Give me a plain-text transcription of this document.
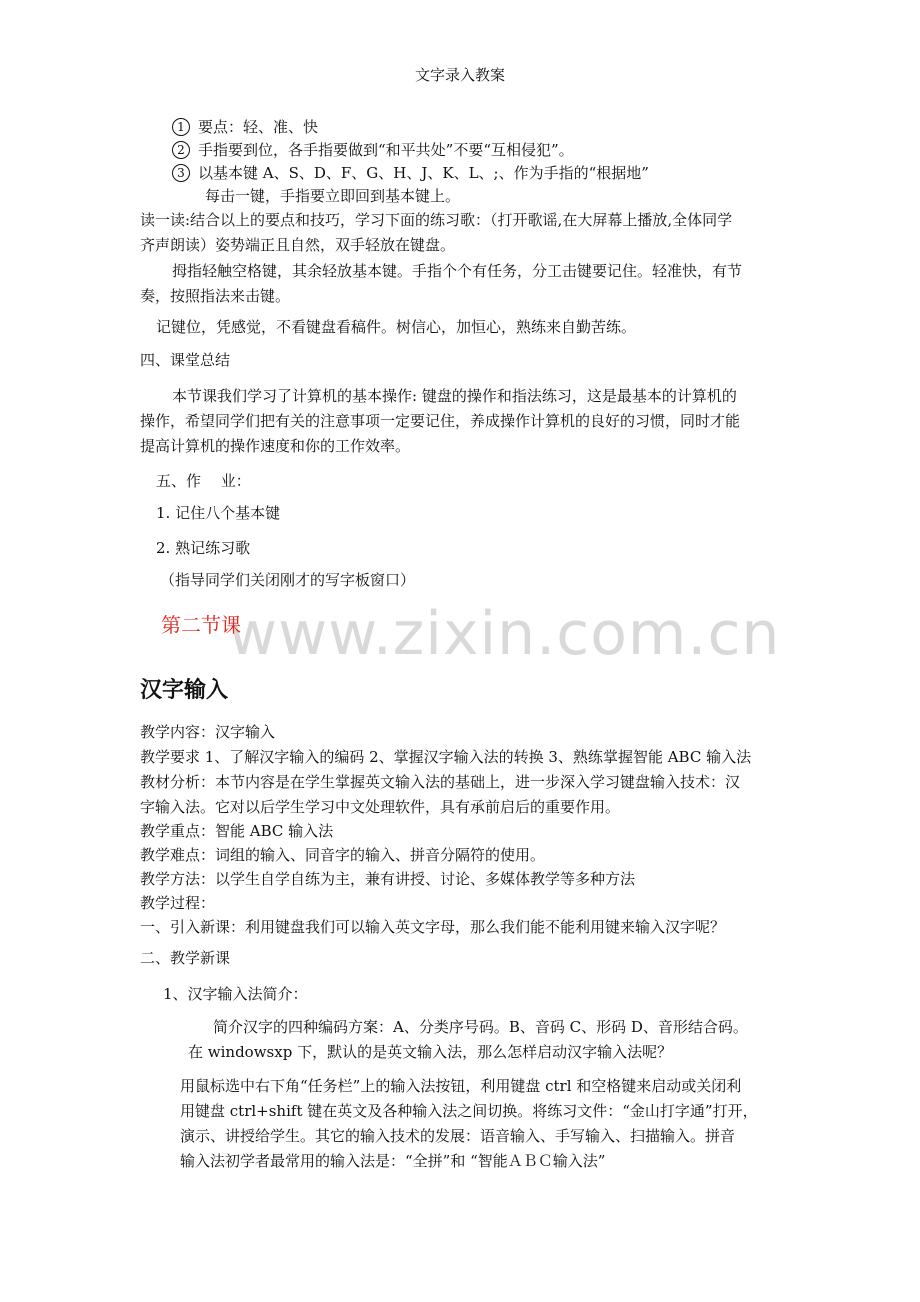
文字录入教案
www.zixin.com.cn
1 要点：轻、准、快
2 手指要到位，各手指要做到“和平共处”不要“互相侵犯”。
3 以基本键 A、S、D、F、G、H、J、K、L、;、作为手指的“根据地”
每击一键，手指要立即回到基本键上。
读一读:结合以上的要点和技巧，学习下面的练习歌：（打开歌谣,在大屏幕上播放,全体同学
齐声朗读）姿势端正且自然，双手轻放在键盘。
拇指轻触空格键，其余轻放基本键。手指个个有任务，分工击键要记住。轻准快，有节
奏，按照指法来击键。
记键位，凭感觉，不看键盘看稿件。树信心，加恒心，熟练来自勤苦练。
四、课堂总结
本节课我们学习了计算机的基本操作: 键盘的操作和指法练习，这是最基本的计算机的
操作，希望同学们把有关的注意事项一定要记住，养成操作计算机的良好的习惯，同时才能
提高计算机的操作速度和你的工作效率。
五、作　 业：
1. 记住八个基本键
2. 熟记练习歌
（指导同学们关闭刚才的写字板窗口）
第二节课
汉字输入
教学内容：汉字输入
教学要求 1、了解汉字输入的编码 2、掌握汉字输入法的转换 3、熟练掌握智能 ABC 输入法
教材分析：本节内容是在学生掌握英文输入法的基础上，进一步深入学习键盘输入技术：汉
字输入法。它对以后学生学习中文处理软件，具有承前启后的重要作用。
教学重点：智能 ABC 输入法
教学难点：词组的输入、同音字的输入、拼音分隔符的使用。
教学方法：以学生自学自练为主，兼有讲授、讨论、多媒体教学等多种方法
教学过程：
一、引入新课：利用键盘我们可以输入英文字母，那么我们能不能利用键来输入汉字呢？
二、教学新课
1、汉字输入法简介：
简介汉字的四种编码方案：A、分类序号码。B、音码 C、形码 D、音形结合码。
在 windowsxp 下，默认的是英文输入法，那么怎样启动汉字输入法呢？
用鼠标选中右下角“任务栏”上的输入法按钮，利用键盘 ctrl 和空格键来启动或关闭利
用键盘 ctrl+shift 键在英文及各种输入法之间切换。将练习文件：“金山打字通”打开，
演示、讲授给学生。其它的输入技术的发展：语音输入、手写输入、扫描输入。拼音
输入法初学者最常用的输入法是：“全拼”和 “智能ＡＢＣ输入法”
